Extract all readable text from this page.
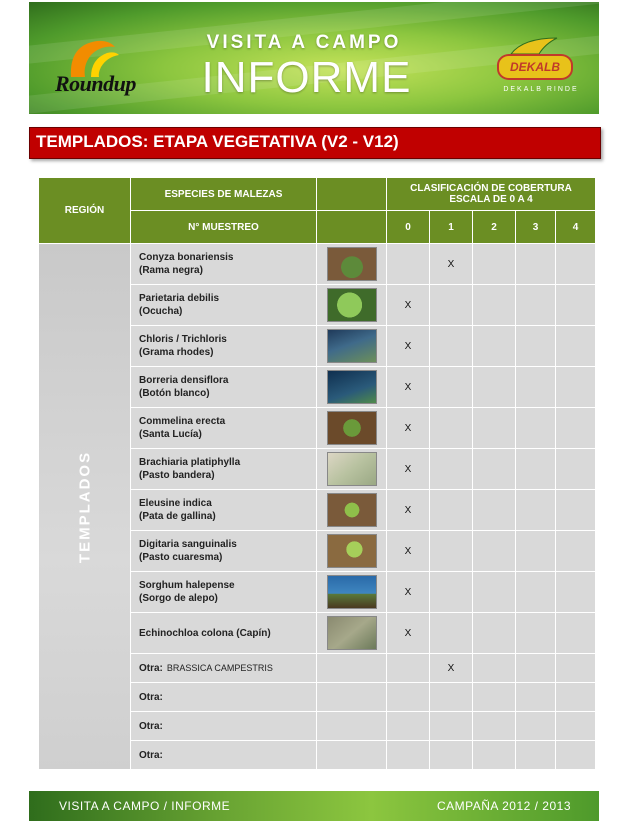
Roundup
VISITA A CAMPO
INFORME	DEKALB
DEKALB RINDE
TEMPLADOS: ETAPA VEGETATIVA (V2 - V12)
REGIÓN	ESPECIES DE MALEZAS		CLASIFICACIÓN DE COBERTURA
ESCALA DE 0 A 4				

	N° MUESTREO		0	1	2	3	4

TEMPLADOS	Conyza bonariensis
(Rama negra)			X			

	Parietaria debilis
(Ocucha)		X				

	Chloris / Trichloris
(Grama rhodes)		X				

	Borreria densiflora
(Botón blanco)		X				

	Commelina erecta
(Santa Lucía)		X				

	Brachiaria platiphylla
(Pasto bandera)		X				

	Eleusine indica
(Pata de gallina)		X				

	Digitaria sanguinalis
(Pasto cuaresma)		X				

	Sorghum halepense
(Sorgo de alepo)		X				

	Echinochloa colona (Capín)		X				
	Otra: BRASSICA CAMPESTRIS			X			
	Otra:						
	Otra:						
	Otra:						
VISITA A CAMPO / INFORME	CAMPAÑA 2012 / 2013
